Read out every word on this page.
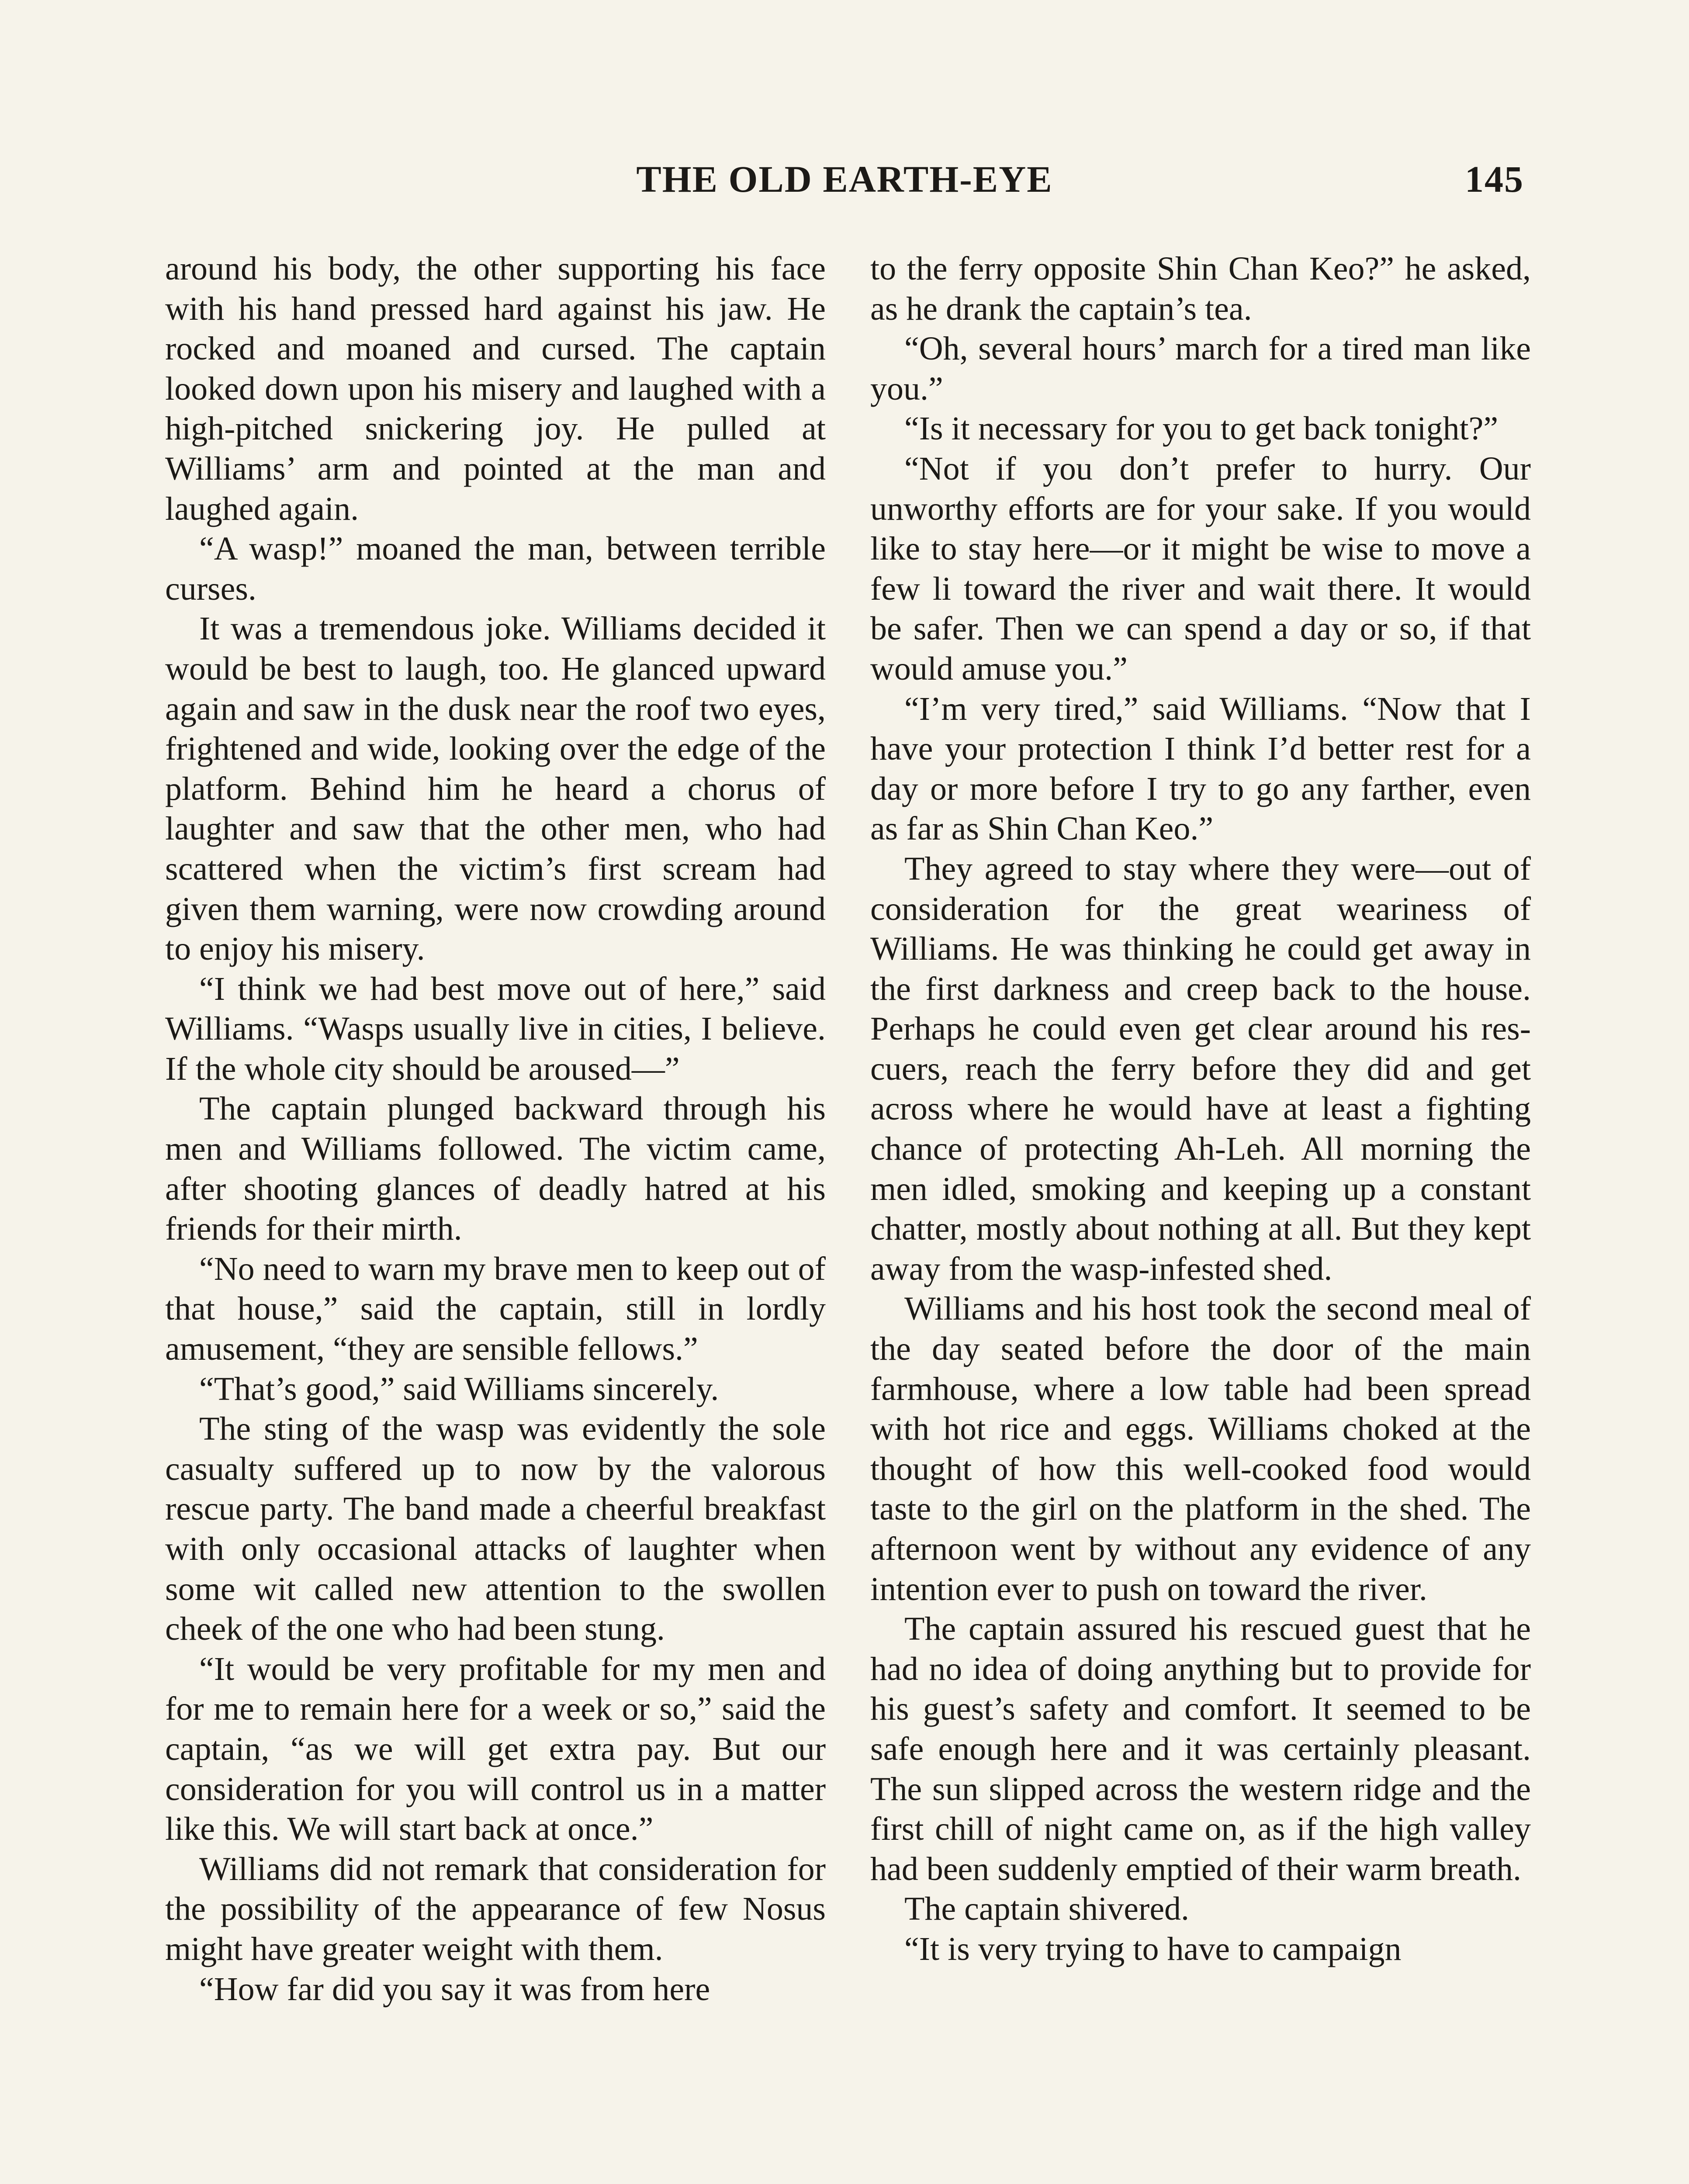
THE OLD EARTH-EYE	145

around his body, the other supporting his face with his hand pressed hard against his jaw. He rocked and moaned and cursed. The captain looked down upon his misery and laughed with a high-pitched snickering joy. He pulled at Williams’ arm and pointed at the man and laughed again.

“A wasp!” moaned the man, between terrible curses.

It was a tremendous joke. Williams decided it would be best to laugh, too. He glanced upward again and saw in the dusk near the roof two eyes, frightened and wide, looking over the edge of the platform. Behind him he heard a chorus of laughter and saw that the other men, who had scattered when the victim’s first scream had given them warning, were now crowding around to enjoy his misery.

“I think we had best move out of here,” said Williams. “Wasps usually live in cities, I believe. If the whole city should be aroused—”

The captain plunged backward through his men and Williams followed. The victim came, after shooting glances of deadly hatred at his friends for their mirth.

“No need to warn my brave men to keep out of that house,” said the captain, still in lordly amusement, “they are sensible fellows.”

“That’s good,” said Williams sincerely.

The sting of the wasp was evidently the sole casualty suffered up to now by the valorous rescue party. The band made a cheerful breakfast with only occasional attacks of laughter when some wit called new attention to the swollen cheek of the one who had been stung.

“It would be very profitable for my men and for me to remain here for a week or so,” said the captain, “as we will get extra pay. But our consideration for you will control us in a matter like this. We will start back at once.”

Williams did not remark that consideration for the possibility of the appearance of few Nosus might have greater weight with them.

“How far did you say it was from here

to the ferry opposite Shin Chan Keo?” he asked, as he drank the captain’s tea.

“Oh, several hours’ march for a tired man like you.”

“Is it necessary for you to get back tonight?”

“Not if you don’t prefer to hurry. Our unworthy efforts are for your sake. If you would like to stay here—or it might be wise to move a few li toward the river and wait there. It would be safer. Then we can spend a day or so, if that would amuse you.”

“I’m very tired,” said Williams. “Now that I have your protection I think I’d better rest for a day or more before I try to go any farther, even as far as Shin Chan Keo.”

They agreed to stay where they were—out of consideration for the great weariness of Williams. He was thinking he could get away in the first darkness and creep back to the house. Perhaps he could even get clear around his rescuers, reach the ferry before they did and get across where he would have at least a fighting chance of protecting Ah-Leh. All morning the men idled, smoking and keeping up a constant chatter, mostly about nothing at all. But they kept away from the wasp-infested shed.

Williams and his host took the second meal of the day seated before the door of the main farmhouse, where a low table had been spread with hot rice and eggs. Williams choked at the thought of how this well-cooked food would taste to the girl on the platform in the shed. The afternoon went by without any evidence of any intention ever to push on toward the river.

The captain assured his rescued guest that he had no idea of doing anything but to provide for his guest’s safety and comfort. It seemed to be safe enough here and it was certainly pleasant. The sun slipped across the western ridge and the first chill of night came on, as if the high valley had been suddenly emptied of their warm breath.

The captain shivered.

“It is very trying to have to campaign
